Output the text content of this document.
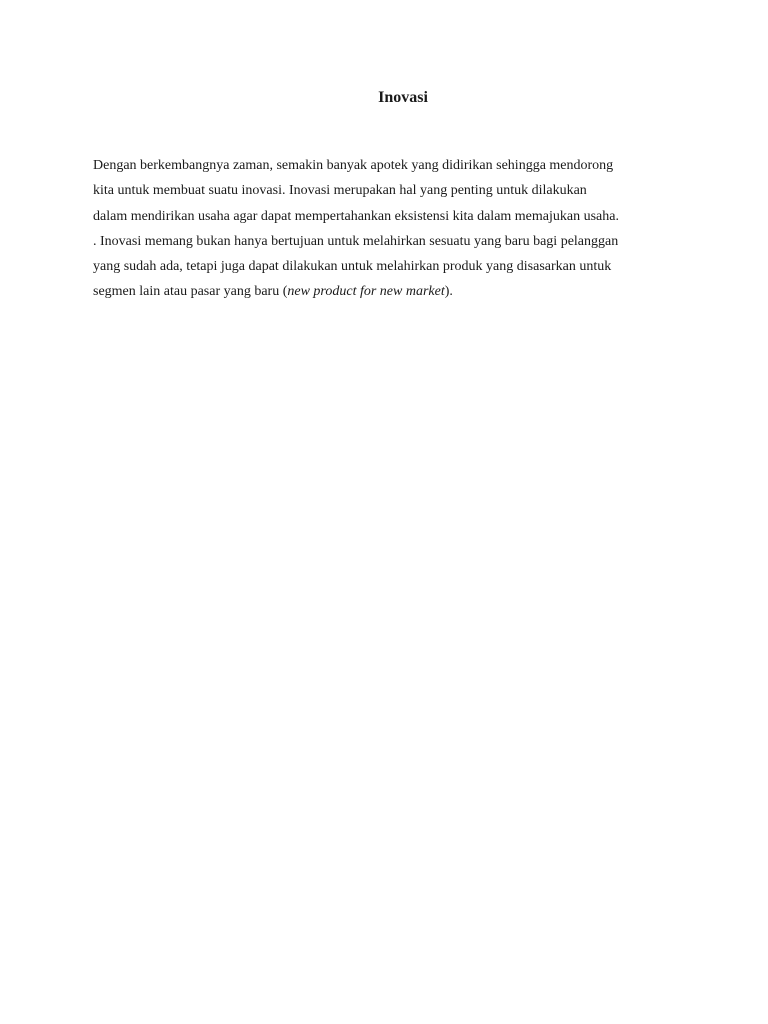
Inovasi

Dengan berkembangnya zaman, semakin banyak apotek yang didirikan sehingga mendorong
kita untuk membuat suatu inovasi. Inovasi merupakan hal yang penting untuk dilakukan
dalam mendirikan usaha agar dapat mempertahankan eksistensi kita dalam memajukan usaha.
. Inovasi memang bukan hanya bertujuan untuk melahirkan sesuatu yang baru bagi pelanggan
yang sudah ada, tetapi juga dapat dilakukan untuk melahirkan produk yang disasarkan untuk
segmen lain atau pasar yang baru (new product for new market).
